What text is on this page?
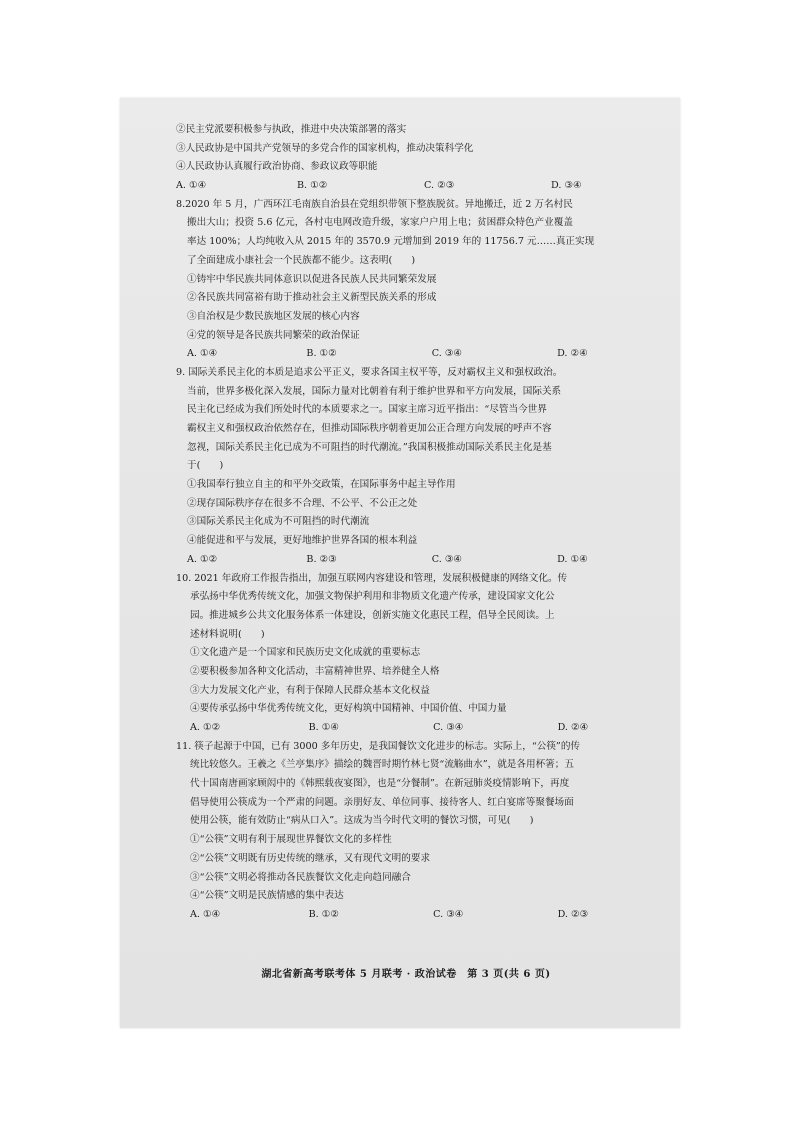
②民主党派要积极参与执政，推进中央决策部署的落实
③人民政协是中国共产党领导的多党合作的国家机构，推动决策科学化
④人民政协认真履行政治协商、参政议政等职能
A. ①④	B. ①②	C. ②③	D. ③④
8.2020 年 5 月，广西环江毛南族自治县在党组织带领下整族脱贫。异地搬迁，近 2 万名村民
搬出大山；投资 5.6 亿元，各村屯电网改造升级，家家户户用上电；贫困群众特色产业覆盖
率达 100%；人均纯收入从 2015 年的 3570.9 元增加到 2019 年的 11756.7 元……真正实现
了全面建成小康社会一个民族都不能少。这表明(　　)
①铸牢中华民族共同体意识以促进各民族人民共同繁荣发展
②各民族共同富裕有助于推动社会主义新型民族关系的形成
③自治权是少数民族地区发展的核心内容
④党的领导是各民族共同繁荣的政治保证
A. ①④	B. ①②	C. ③④	D. ②④
9. 国际关系民主化的本质是追求公平正义，要求各国主权平等，反对霸权主义和强权政治。
当前，世界多极化深入发展，国际力量对比朝着有利于维护世界和平方向发展，国际关系
民主化已经成为我们所处时代的本质要求之一。国家主席习近平指出：“尽管当今世界
霸权主义和强权政治依然存在，但推动国际秩序朝着更加公正合理方向发展的呼声不容
忽视，国际关系民主化已成为不可阻挡的时代潮流。”我国积极推动国际关系民主化是基
于(　　)
①我国奉行独立自主的和平外交政策，在国际事务中起主导作用
②现存国际秩序存在很多不合理、不公平、不公正之处
③国际关系民主化成为不可阻挡的时代潮流
④能促进和平与发展，更好地维护世界各国的根本利益
A. ①②	B. ②③	C. ③④	D. ①④
10. 2021 年政府工作报告指出，加强互联网内容建设和管理，发展积极健康的网络文化。传
承弘扬中华优秀传统文化，加强文物保护利用和非物质文化遗产传承，建设国家文化公
园。推进城乡公共文化服务体系一体建设，创新实施文化惠民工程，倡导全民阅读。上
述材料说明(　　)
①文化遗产是一个国家和民族历史文化成就的重要标志
②要积极参加各种文化活动，丰富精神世界、培养健全人格
③大力发展文化产业，有利于保障人民群众基本文化权益
④要传承弘扬中华优秀传统文化，更好构筑中国精神、中国价值、中国力量
A. ①②	B. ①④	C. ③④	D. ②④
11. 筷子起源于中国，已有 3000 多年历史，是我国餐饮文化进步的标志。实际上，“公筷”的传
统比较悠久。王羲之《兰亭集序》描绘的魏晋时期竹林七贤“流觞曲水”，就是各用杯箸；五
代十国南唐画家顾闳中的《韩熙载夜宴图》，也是“分餐制”。在新冠肺炎疫情影响下，再度
倡导使用公筷成为一个严肃的问题。亲朋好友、单位同事、接待客人、红白宴席等聚餐场面
使用公筷，能有效防止“病从口入”。这成为当今时代文明的餐饮习惯，可见(　　)
①“公筷”文明有利于展现世界餐饮文化的多样性
②“公筷”文明既有历史传统的继承，又有现代文明的要求
③“公筷”文明必将推动各民族餐饮文化走向趋同融合
④“公筷”文明是民族情感的集中表达
A. ①④	B. ①②	C. ③④	D. ②③
湖北省新高考联考体 5 月联考 · 政治试卷　第 3 页(共 6 页)
